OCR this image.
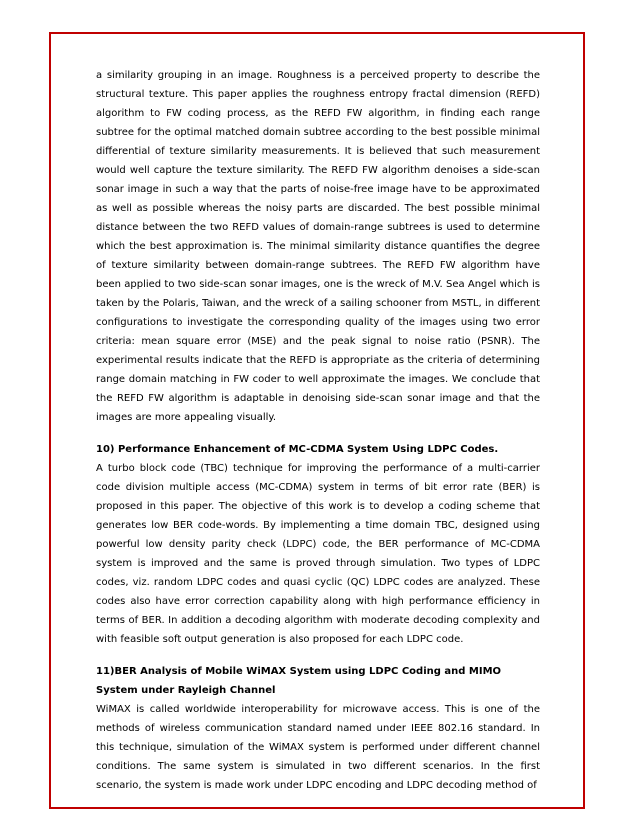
a similarity grouping in an image. Roughness is a perceived property to describe the structural texture. This paper applies the roughness entropy fractal dimension (REFD) algorithm to FW coding process, as the REFD FW algorithm, in finding each range subtree for the optimal matched domain subtree according to the best possible minimal differential of texture similarity measurements. It is believed that such measurement would well capture the texture similarity. The REFD FW algorithm denoises a side-scan sonar image in such a way that the parts of noise-free image have to be approximated as well as possible whereas the noisy parts are discarded. The best possible minimal distance between the two REFD values of domain-range subtrees is used to determine which the best approximation is. The minimal similarity distance quantifies the degree of texture similarity between domain-range subtrees. The REFD FW algorithm have been applied to two side-scan sonar images, one is the wreck of M.V. Sea Angel which is taken by the Polaris, Taiwan, and the wreck of a sailing schooner from MSTL, in different configurations to investigate the corresponding quality of the images using two error criteria: mean square error (MSE) and the peak signal to noise ratio (PSNR). The experimental results indicate that the REFD is appropriate as the criteria of determining range domain matching in FW coder to well approximate the images. We conclude that the REFD FW algorithm is adaptable in denoising side-scan sonar image and that the images are more appealing visually.

10) Performance Enhancement of MC-CDMA System Using LDPC Codes.

A turbo block code (TBC) technique for improving the performance of a multi-carrier code division multiple access (MC-CDMA) system in terms of bit error rate (BER) is proposed in this paper. The objective of this work is to develop a coding scheme that generates low BER code-words. By implementing a time domain TBC, designed using powerful low density parity check (LDPC) code, the BER performance of MC-CDMA system is improved and the same is proved through simulation. Two types of LDPC codes, viz. random LDPC codes and quasi cyclic (QC) LDPC codes are analyzed. These codes also have error correction capability along with high performance efficiency in terms of BER. In addition a decoding algorithm with moderate decoding complexity and with feasible soft output generation is also proposed for each LDPC code.

11)BER Analysis of Mobile WiMAX System using LDPC Coding and MIMO System under Rayleigh Channel

WiMAX is called worldwide interoperability for microwave access. This is one of the methods of wireless communication standard named under IEEE 802.16 standard. In this technique, simulation of the WiMAX system is performed under different channel conditions. The same system is simulated in two different scenarios. In the first scenario, the system is made work under LDPC encoding and LDPC decoding method of
